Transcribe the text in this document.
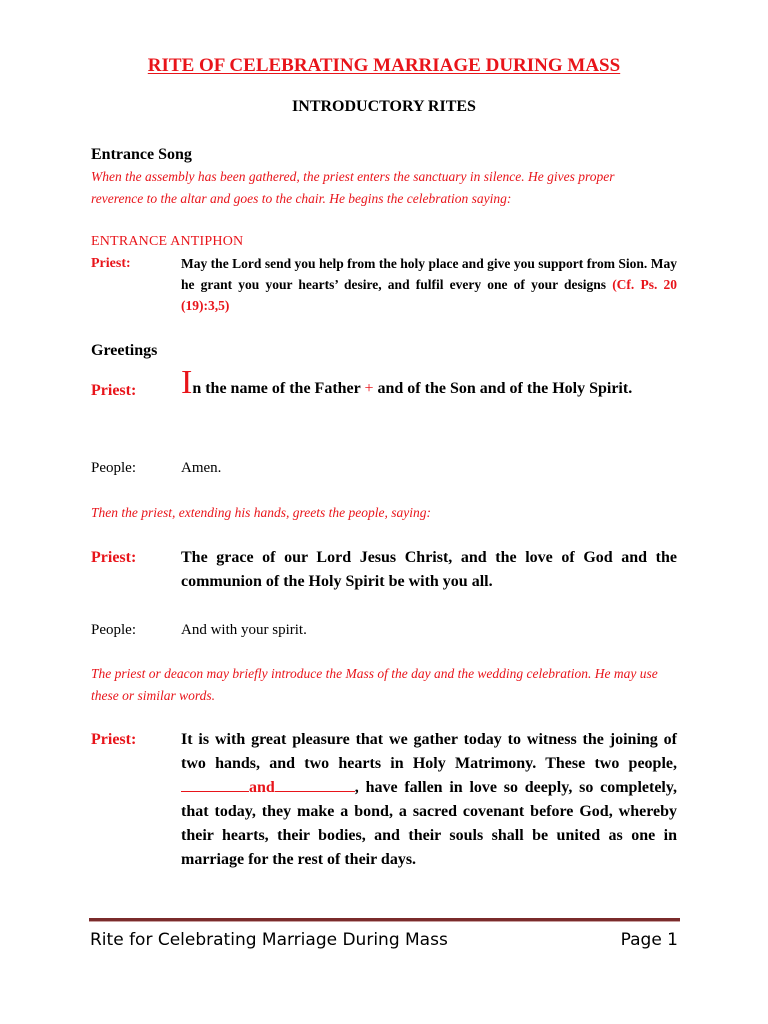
RITE OF CELEBRATING MARRIAGE DURING MASS
INTRODUCTORY RITES
Entrance Song
When the assembly has been gathered, the priest enters the sanctuary in silence. He gives proper
reverence to the altar and goes to the chair. He begins the celebration saying:
ENTRANCE ANTIPHON
Priest:	May the Lord send you help from the holy place and give you support from Sion. May he grant you your hearts’ desire, and fulfil every one of your designs (Cf. Ps. 20 (19):3,5)
Greetings
Priest: In the name of the Father + and of the Son and of the Holy Spirit.
People:	Amen.
Then the priest, extending his hands, greets the people, saying:
Priest:	The grace of our Lord Jesus Christ, and the love of God and the communion of the Holy Spirit be with you all.
People:	And with your spirit.
The priest or deacon may briefly introduce the Mass of the day and the wedding celebration. He may use these or similar words.
Priest:	It is with great pleasure that we gather today to witness the joining of two hands, and two hearts in Holy Matrimony. These two people,and	, have fallen in love so deeply, so completely, that today, they make a bond, a sacred covenant before God, whereby their hearts, their bodies, and their souls shall be united as one in marriage for the rest of their days.
Rite for Celebrating Marriage During Mass	Page 1
